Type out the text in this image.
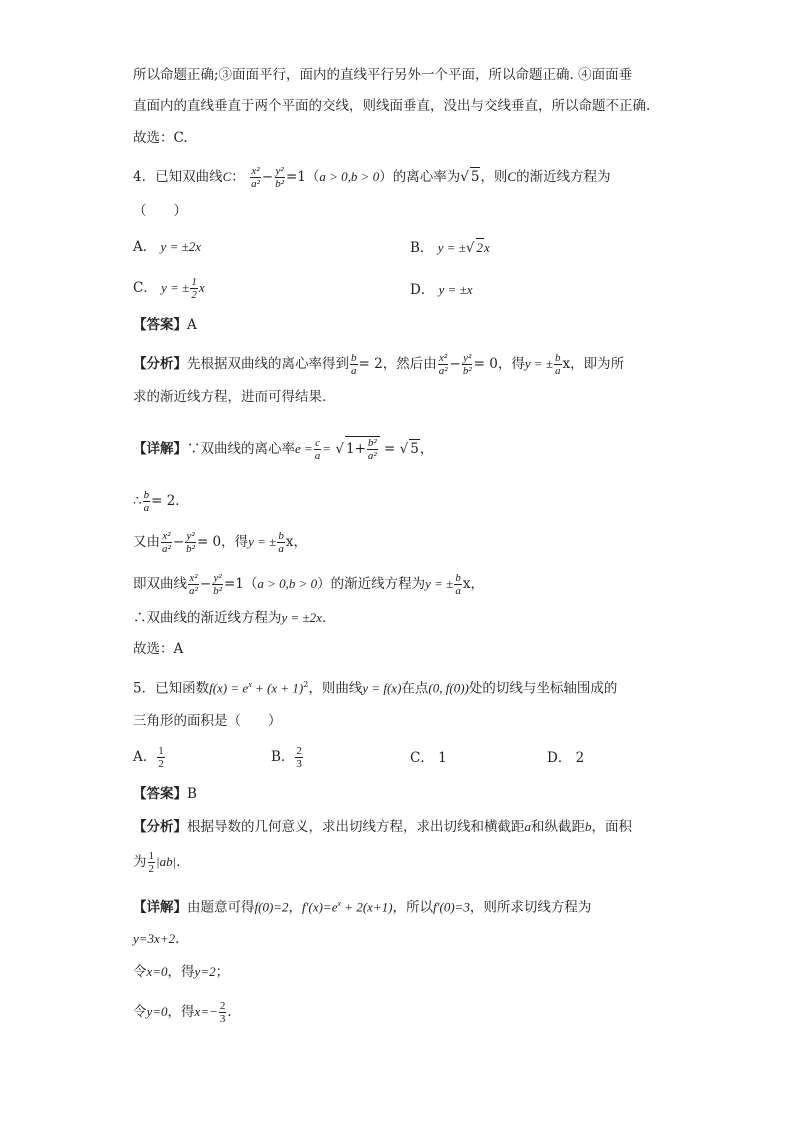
所以命题正确;③面面平行，面内的直线平行另外一个平面，所以命题正确. ④面面垂
直面内的直线垂直于两个平面的交线，则线面垂直，没出与交线垂直，所以命题不正确.
故选：C.
4．已知双曲线C： $\frac{\text{x²}}{\text{a²}} - \frac{\text{y²}}{\text{b²}} =1(a > 0,b > 0)$的离心率为√ 5，则C的渐近线方程为
（　　）
A． y = ±2x	B． y = ±√ 2x
C． y = ± $\frac{1}{2}$ x	D． y = ±x
【答案】A
【分析】先根据双曲线的离心率得到 $\frac{b}{a} = 2$，然后由 $\frac{\text{x²}}{\text{a²}} - \frac{\text{y²}}{\text{b²}} = 0$，得y = ± $\frac{b}{a}$ x，即为所
求的渐近线方程，进而可得结果．
【详解】∵双曲线的离心率$e = \frac{c}{a}$ = √ $1+ \frac{\text{b²}}{\text{a²}}$ = √ 5，
∴ $\frac{b}{a} = 2$．
又由 $\frac{\text{x²}}{\text{a²}} - \frac{\text{y²}}{\text{b²}} = 0$，得y = ± $\frac{b}{a}$ x，
即双曲线 $\frac{\text{x²}}{\text{a²}} - \frac{\text{y²}}{\text{b²}} =1(a > 0,b > 0)$的渐近线方程为y = ± $\frac{b}{a}$ x，
∴双曲线的渐近线方程为y = ±2x．
故选：A
5．已知函数$f(x) = e^x + (x + 1)^2$，则曲线y = f(x)在点(0, f(0))处的切线与坐标轴围成的
三角形的面积是（　　）
A． $\frac{1}{2}$	B． $\frac{2}{3}$	C． 1	D． 2
【答案】B
【分析】根据导数的几何意义，求出切线方程，求出切线和横截距a和纵截距b，面积
为 $\frac{1}{2} |ab|$．
【详解】由题意可得f(0)=2，$f'(x)=e^x + 2(x+1)$，所以f′(0)=3，则所求切线方程为
y=3x+2．
令x=0，得y=2；
令y=0，得$x=- \frac{2}{3}$ ．
